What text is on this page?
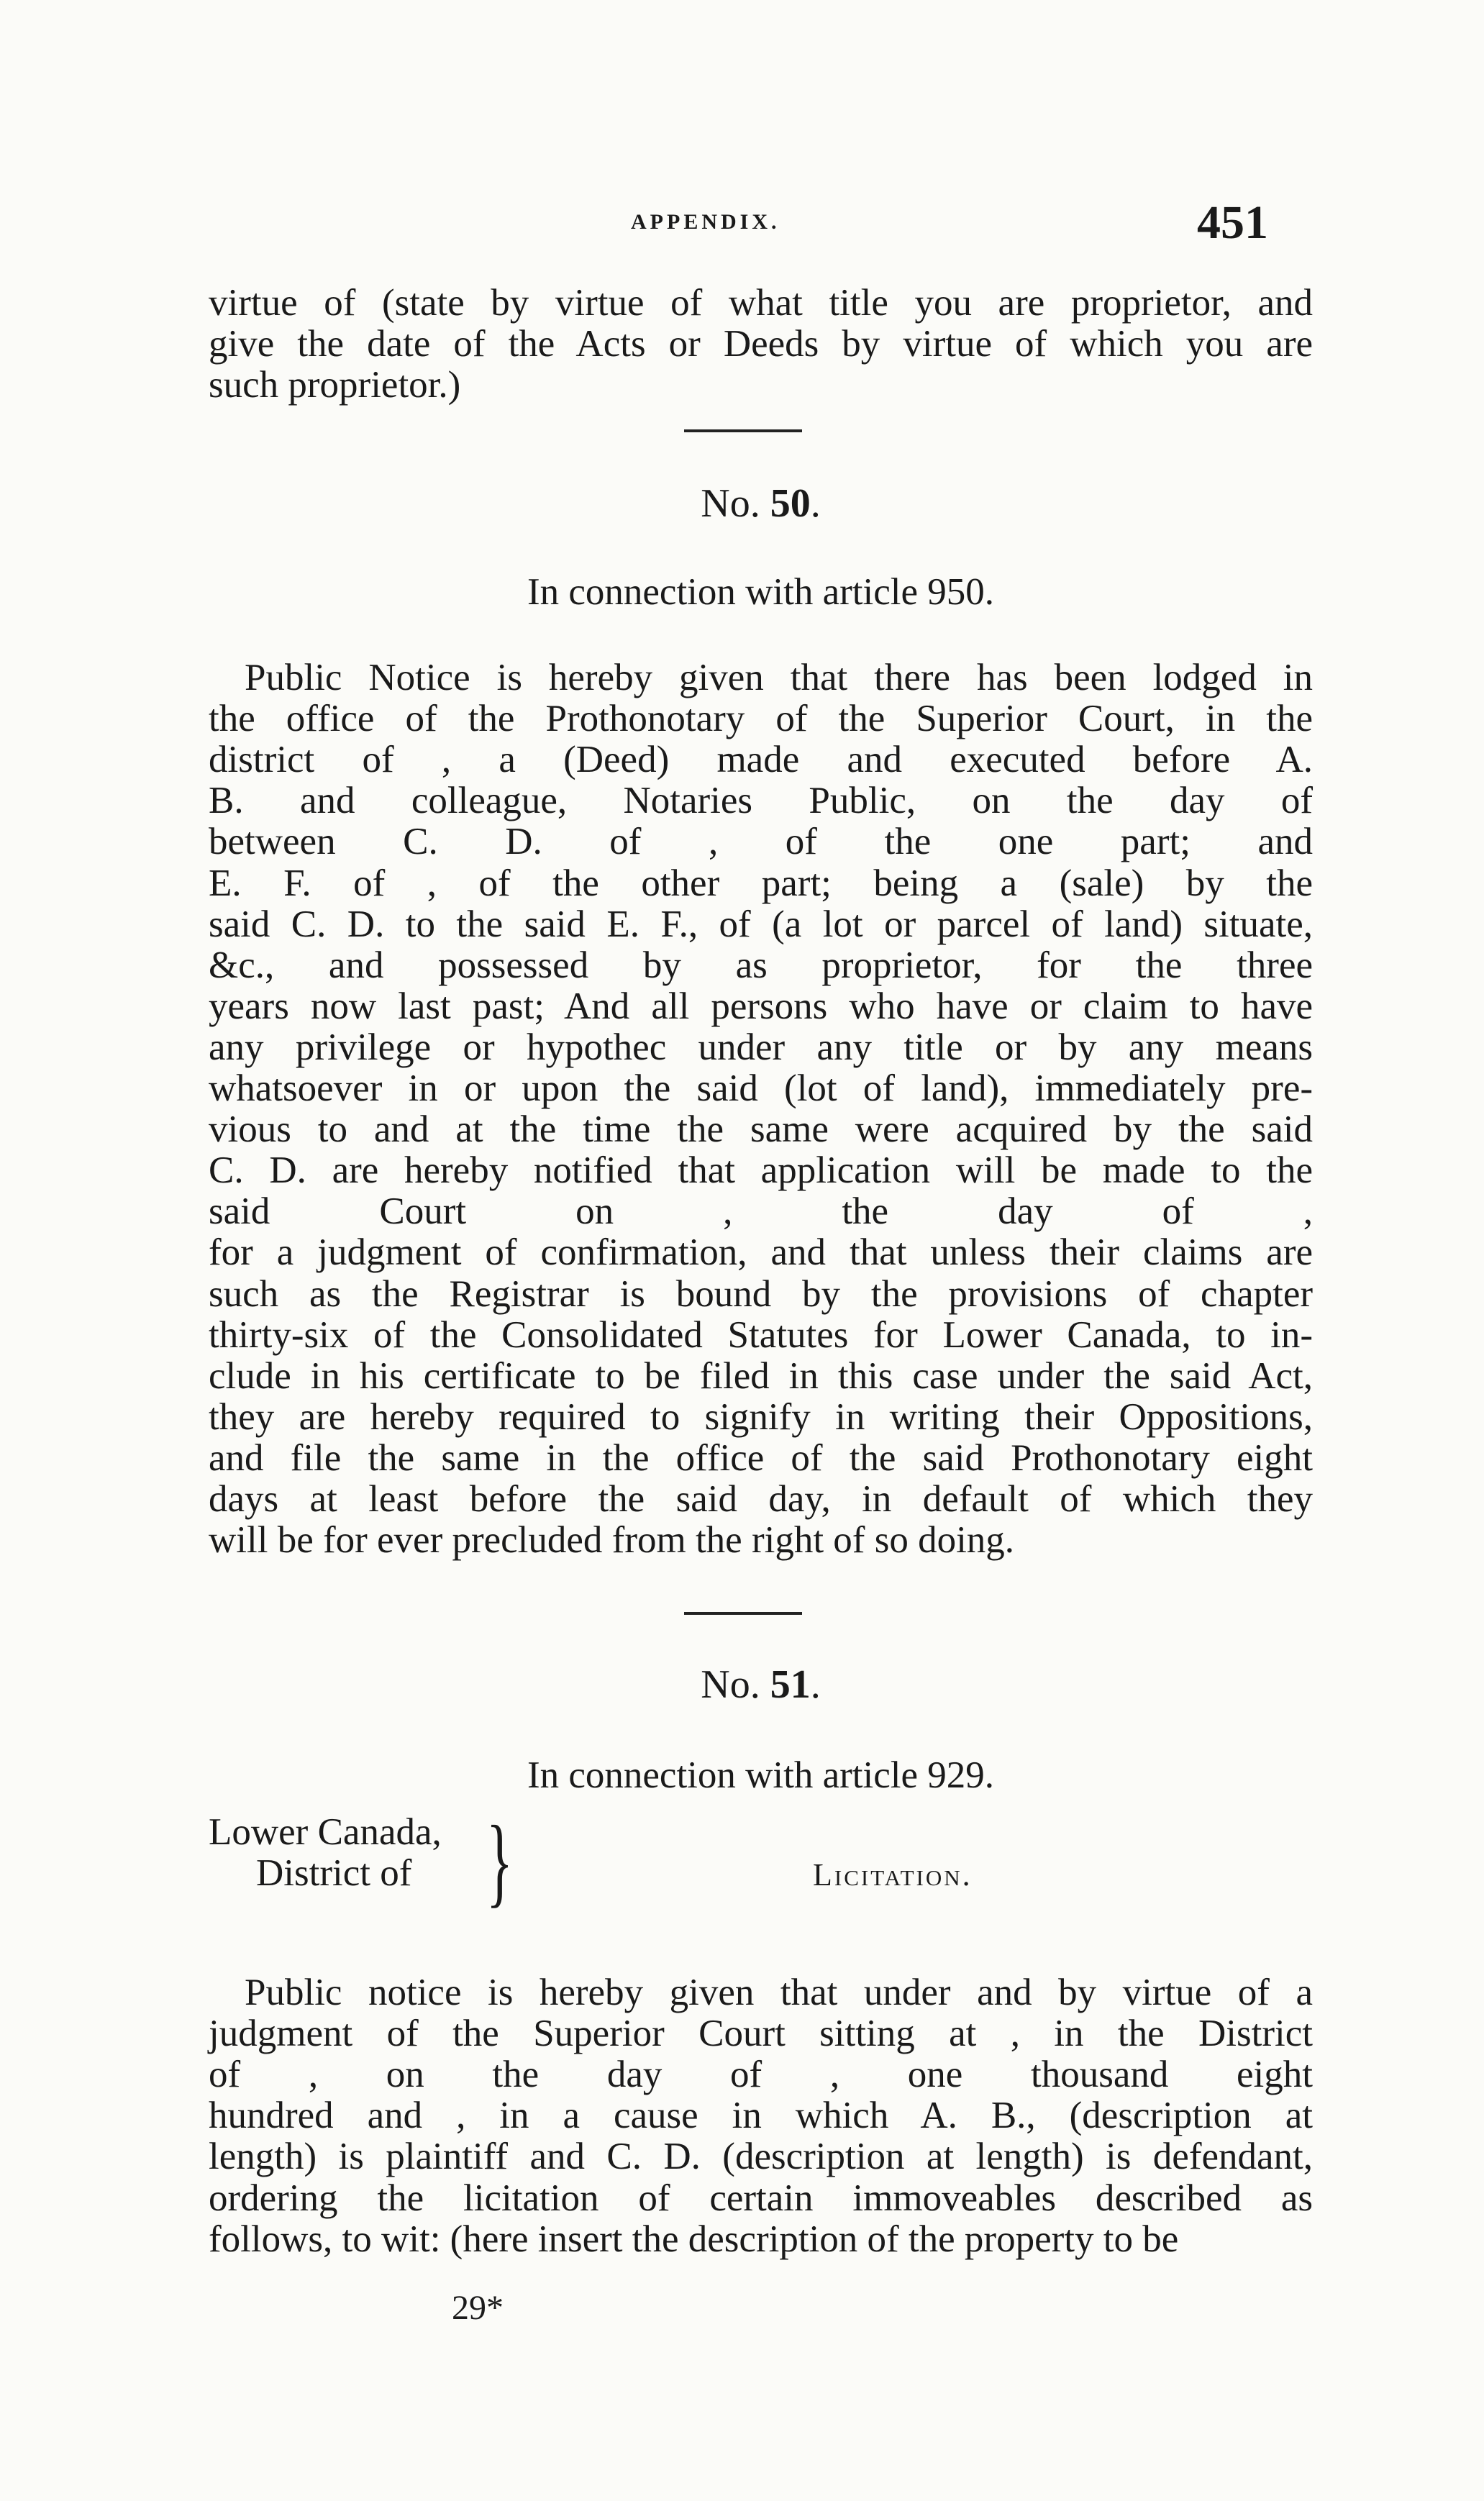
APPENDIX.	451
virtue of (state by virtue of what title you are proprietor, and
give the date of the Acts or Deeds by virtue of which you are
such proprietor.)
No. 50.
In connection with article 950.
Public Notice is hereby given that there has been lodged in
the office of the Prothonotary of the Superior Court, in the
district of , a (Deed) made and executed before A.
B. and colleague, Notaries Public, on the day of
between C. D. of , of the one part; and
E. F. of , of the other part; being a (sale) by the
said C. D. to the said E. F., of (a lot or parcel of land) situate,
&c., and possessed by as proprietor, for the three
years now last past; And all persons who have or claim to have
any privilege or hypothec under any title or by any means
whatsoever in or upon the said (lot of land), immediately pre-
vious to and at the time the same were acquired by the said
C. D. are hereby notified that application will be made to the
said Court on , the day of ,
for a judgment of confirmation, and that unless their claims are
such as the Registrar is bound by the provisions of chapter
thirty-six of the Consolidated Statutes for Lower Canada, to in-
clude in his certificate to be filed in this case under the said Act,
they are hereby required to signify in writing their Oppositions,
and file the same in the office of the said Prothonotary eight
days at least before the said day, in default of which they
will be for ever precluded from the right of so doing.
No. 51.
In connection with article 929.
Lower Canada,
District of }	Licitation.
Public notice is hereby given that under and by virtue of a
judgment of the Superior Court sitting at , in the District
of , on the day of , one thousand eight
hundred and , in a cause in which A. B., (description at
length) is plaintiff and C. D. (description at length) is defendant,
ordering the licitation of certain immoveables described as
follows, to wit: (here insert the description of the property to be
29*
